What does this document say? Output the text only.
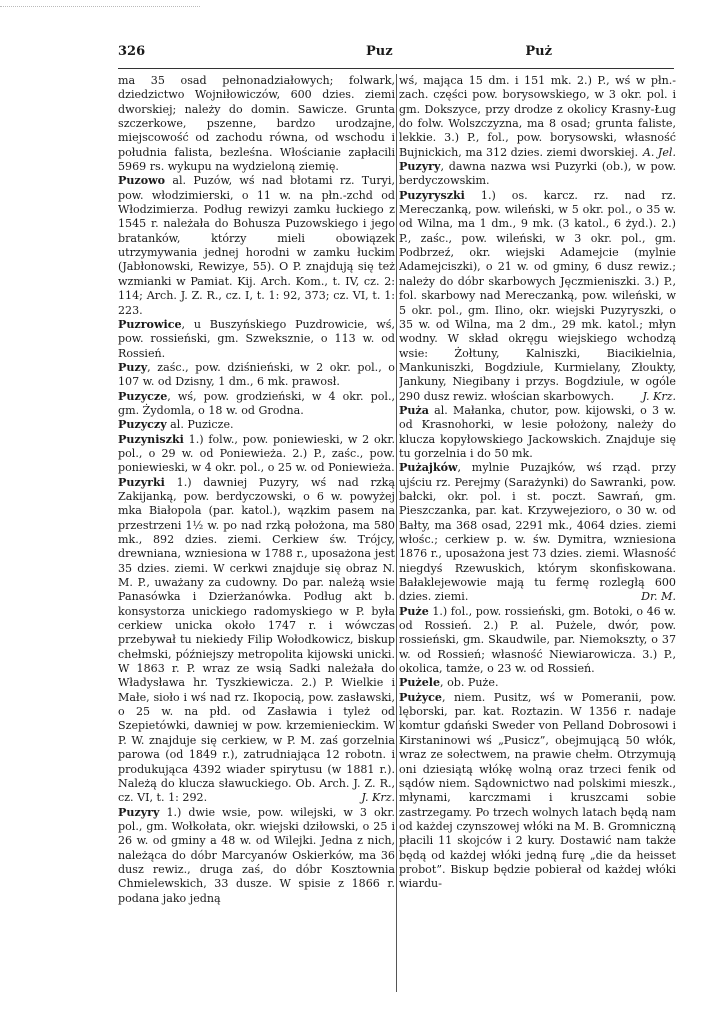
326	Puz	Puż

ma 35 osad pełnonadziałowych; folwark, dziedzictwo Wojniłowiczów, 600 dzies. ziemi dworskiej; należy do domin. Sawicze. Grunta szczerkowe, pszenne, bardzo urodzajne, miejscowość od zachodu równa, od wschodu i południa falista, bezleśna. Włościanie zapłacili 5969 rs. wykupu na wydzieloną ziemię.

Puzowo al. Puzów, wś nad błotami rz. Turyi, pow. włodzimierski, o 11 w. na płn.-zchd od Włodzimierza. Podług rewizyi zamku łuckiego z 1545 r. należała do Bohusza Puzowskiego i jego bratanków, którzy mieli obowiązek utrzymywania jednej horodni w zamku łuckim (Jabłonowski, Rewizye, 55). O P. znajdują się też wzmianki w Pamiat. Kij. Arch. Kom., t. IV, cz. 2: 114; Arch. J. Z. R., cz. I, t. 1: 92, 373; cz. VI, t. 1: 223.

Puzrowice, u Buszyńskiego Puzdrowicie, wś, pow. rossieński, gm. Szweksznie, o 113 w. od Rossień.

Puzy, zaśc., pow. dziśnieński, w 2 okr. pol., o 107 w. od Dzisny, 1 dm., 6 mk. prawosł.

Puzycze, wś, pow. grodzieński, w 4 okr. pol., gm. Żydomla, o 18 w. od Grodna.

Puzyczy al. Puzicze.

Puzyniszki 1.) folw., pow. poniewieski, w 2 okr. pol., o 29 w. od Poniewieża. 2.) P., zaśc., pow. poniewieski, w 4 okr. pol., o 25 w. od Poniewieża.

Puzyrki 1.) dawniej Puzyry, wś nad rzką Zakijanką, pow. berdyczowski, o 6 w. powyżej mka Białopola (par. katol.), wązkim pasem na przestrzeni 1½ w. po nad rzką położona, ma 580 mk., 892 dzies. ziemi. Cerkiew św. Trójcy, drewniana, wzniesiona w 1788 r., uposażona jest 35 dzies. ziemi. W cerkwi znajduje się obraz N. M. P., uważany za cudowny. Do par. należą wsie Panasówka i Dzierżanówka. Podług akt b. konsystorza unickiego radomyskiego w P. była cerkiew unicka około 1747 r. i wówczas przebywał tu niekiedy Filip Wołodkowicz, biskup chełmski, późniejszy metropolita kijowski unicki. W 1863 r. P. wraz ze wsią Sadki należała do Władysława hr. Tyszkiewicza. 2.) P. Wielkie i Małe, sioło i wś nad rz. Ikopocią, pow. zasławski, o 25 w. na płd. od Zasławia i tyleż od Szepietówki, dawniej w pow. krzemienieckim. W P. W. znajduje się cerkiew, w P. M. zaś gorzelnia parowa (od 1849 r.), zatrudniająca 12 robotn. i produkująca 4392 wiader spirytusu (w 1881 r.). Należą do klucza sławuckiego. Ob. Arch. J. Z. R., cz. VI, t. 1: 292.	J. Krz.

Puzyry 1.) dwie wsie, pow. wilejski, w 3 okr. pol., gm. Wołkołata, okr. wiejski dziłowski, o 25 i 26 w. od gminy a 48 w. od Wilejki. Jedna z nich, należąca do dóbr Marcyanów Oskierków, ma 36 dusz rewiz., druga zaś, do dóbr Kosztownia Chmielewskich, 33 dusze. W spisie z 1866 r. podana jako jedną

wś, mająca 15 dm. i 151 mk. 2.) P., wś w płn.-zach. części pow. borysowskiego, w 3 okr. pol. i gm. Dokszyce, przy drodze z okolicy Krasny-Ług do folw. Wolszczyzna, ma 8 osad; grunta faliste, lekkie. 3.) P., fol., pow. borysowski, własność Bujnickich, ma 312 dzies. ziemi dworskiej. A. Jel.

Puzyry, dawna nazwa wsi Puzyrki (ob.), w pow. berdyczowskim.

Puzyryszki 1.) os. karcz. rz. nad rz. Mereczanką, pow. wileński, w 5 okr. pol., o 35 w. od Wilna, ma 1 dm., 9 mk. (3 katol., 6 żyd.). 2.) P., zaśc., pow. wileński, w 3 okr. pol., gm. Podbrzeź, okr. wiejski Adamejcie (mylnie Adamejciszki), o 21 w. od gminy, 6 dusz rewiz.; należy do dóbr skarbowych Jęczmieniszki. 3.) P., fol. skarbowy nad Mereczanką, pow. wileński, w 5 okr. pol., gm. Ilino, okr. wiejski Puzyryszki, o 35 w. od Wilna, ma 2 dm., 29 mk. katol.; młyn wodny. W skład okręgu wiejskiego wchodzą wsie: Żołtuny, Kalniszki, Biacikielnia, Mankuniszki, Bogdziule, Kurmielany, Złoukty, Jankuny, Niegibany i przys. Bogdziule, w ogóle 290 dusz rewiz. włościan skarbowych.	J. Krz.

Puża al. Małanka, chutor, pow. kijowski, o 3 w. od Krasnohorki, w lesie położony, należy do klucza kopyłowskiego Jackowskich. Znajduje się tu gorzelnia i do 50 mk.

Pużajków, mylnie Puzajków, wś rząd. przy ujściu rz. Perejmy (Sarażynki) do Sawranki, pow. bałcki, okr. pol. i st. poczt. Sawrań, gm. Pieszczanka, par. kat. Krzywejezioro, o 30 w. od Bałty, ma 368 osad, 2291 mk., 4064 dzies. ziemi włośc.; cerkiew p. w. św. Dymitra, wzniesiona 1876 r., uposażona jest 73 dzies. ziemi. Własność niegdyś Rzewuskich, którym skonfiskowana. Bałaklejewowie mają tu fermę rozległą 600 dzies. ziemi.	Dr. M.

Puże 1.) fol., pow. rossieński, gm. Botoki, o 46 w. od Rossień. 2.) P. al. Pużele, dwór, pow. rossieński, gm. Skaudwile, par. Niemokszty, o 37 w. od Rossień; własność Niewiarowicza. 3.) P., okolica, tamże, o 23 w. od Rossień.

Pużele, ob. Puże.

Pużyce, niem. Pusitz, wś w Pomeranii, pow. lęborski, par. kat. Roztazin. W 1356 r. nadaje komtur gdański Sweder von Pelland Dobrosowi i Kirstaninowi wś „Pusicz”, obejmującą 50 włók, wraz ze sołectwem, na prawie chełm. Otrzymują oni dziesiątą włókę wolną oraz trzeci fenik od sądów niem. Sądownictwo nad polskimi mieszk., młynami, karczmami i kruszcami sobie zastrzegamy. Po trzech wolnych latach będą nam od każdej czynszowej włóki na M. B. Gromniczną płacili 11 skojców i 2 kury. Dostawić nam także będą od każdej włóki jedną furę „die da heisset probot”. Biskup będzie pobierał od każdej włóki wiardu-
